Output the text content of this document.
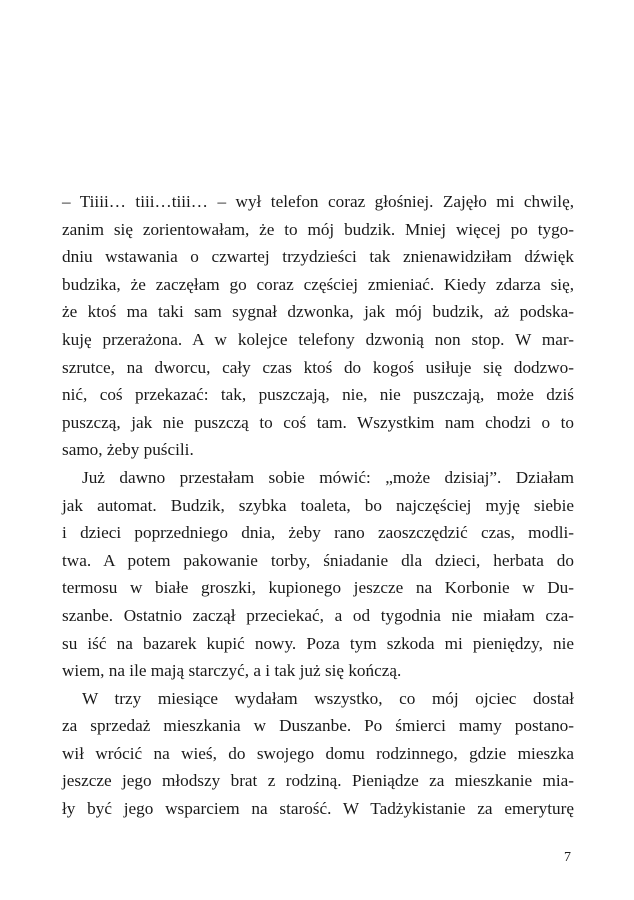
– Tiiii… tiii…tiii… – wył telefon coraz głośniej. Zajęło mi chwilę,
zanim się zorientowałam, że to mój budzik. Mniej więcej po tygo-
dniu wstawania o czwartej trzydzieści tak znienawidziłam dźwięk
budzika, że zaczęłam go coraz częściej zmieniać. Kiedy zdarza się,
że ktoś ma taki sam sygnał dzwonka, jak mój budzik, aż podska-
kuję przerażona. A w kolejce telefony dzwonią non stop. W mar-
szrutce, na dworcu, cały czas ktoś do kogoś usiłuje się dodzwo-
nić, coś przekazać: tak, puszczają, nie, nie puszczają, może dziś
puszczą, jak nie puszczą to coś tam. Wszystkim nam chodzi o to
samo, żeby puścili.
Już dawno przestałam sobie mówić: „może dzisiaj”. Działam
jak automat. Budzik, szybka toaleta, bo najczęściej myję siebie
i dzieci poprzedniego dnia, żeby rano zaoszczędzić czas, modli-
twa. A potem pakowanie torby, śniadanie dla dzieci, herbata do
termosu w białe groszki, kupionego jeszcze na Korbonie w Du-
szanbe. Ostatnio zaczął przeciekać, a od tygodnia nie miałam cza-
su iść na bazarek kupić nowy. Poza tym szkoda mi pieniędzy, nie
wiem, na ile mają starczyć, a i tak już się kończą.
W trzy miesiące wydałam wszystko, co mój ojciec dostał
za sprzedaż mieszkania w Duszanbe. Po śmierci mamy postano-
wił wrócić na wieś, do swojego domu rodzinnego, gdzie mieszka
jeszcze jego młodszy brat z rodziną. Pieniądze za mieszkanie mia-
ły być jego wsparciem na starość. W Tadżykistanie za emeryturę
7
